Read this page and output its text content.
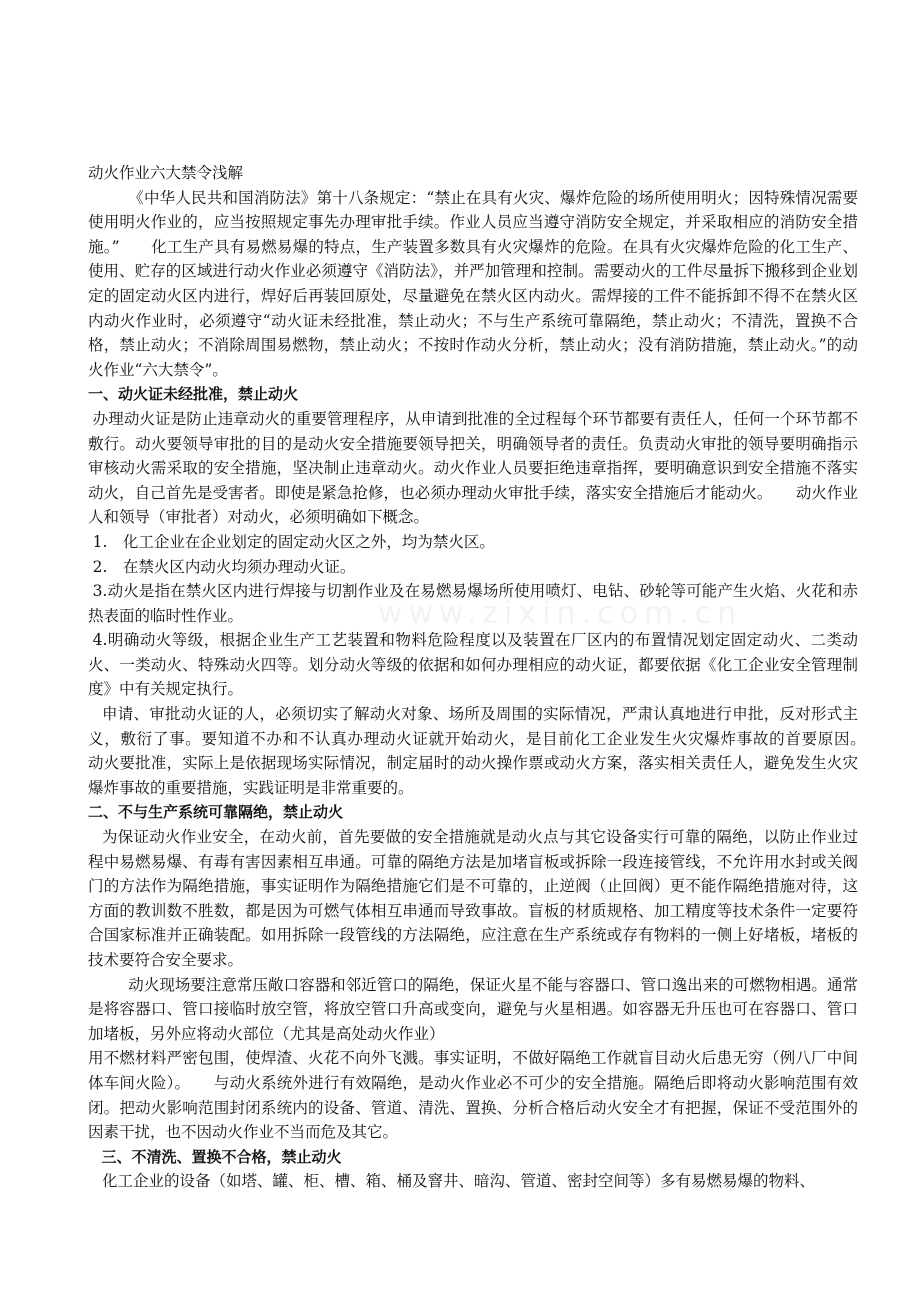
www.zixin.com.cn

动火作业六大禁令浅解

《中华人民共和国消防法》第十八条规定：“禁止在具有火灾、爆炸危险的场所使用明火；因特殊情况需要使用明火作业的，应当按照规定事先办理审批手续。作业人员应当遵守消防安全规定，并采取相应的消防安全措施。”　　化工生产具有易燃易爆的特点，生产装置多数具有火灾爆炸的危险。在具有火灾爆炸危险的化工生产、使用、贮存的区域进行动火作业必须遵守《消防法》，并严加管理和控制。需要动火的工件尽量拆下搬移到企业划定的固定动火区内进行，焊好后再装回原处，尽量避免在禁火区内动火。需焊接的工件不能拆卸不得不在禁火区内动火作业时，必须遵守“动火证未经批准，禁止动火；不与生产系统可靠隔绝，禁止动火；不清洗，置换不合格，禁止动火；不消除周围易燃物，禁止动火；不按时作动火分析，禁止动火；没有消防措施，禁止动火。”的动火作业“六大禁令”。

一、动火证未经批准，禁止动火

办理动火证是防止违章动火的重要管理程序，从申请到批准的全过程每个环节都要有责任人，任何一个环节都不敷行。动火要领导审批的目的是动火安全措施要领导把关，明确领导者的责任。负责动火审批的领导要明确指示审核动火需采取的安全措施，坚决制止违章动火。动火作业人员要拒绝违章指挥，要明确意识到安全措施不落实动火，自己首先是受害者。即使是紧急抢修，也必须办理动火审批手续，落实安全措施后才能动火。　　动火作业人和领导（审批者）对动火，必须明确如下概念。

1.　化工企业在企业划定的固定动火区之外，均为禁火区。

2.　在禁火区内动火均须办理动火证。

3.动火是指在禁火区内进行焊接与切割作业及在易燃易爆场所使用喷灯、电钻、砂轮等可能产生火焰、火花和赤热表面的临时性作业。

4.明确动火等级，根据企业生产工艺装置和物料危险程度以及装置在厂区内的布置情况划定固定动火、二类动火、一类动火、特殊动火四等。划分动火等级的依据和如何办理相应的动火证，都要依据《化工企业安全管理制度》中有关规定执行。

申请、审批动火证的人，必须切实了解动火对象、场所及周围的实际情况，严肃认真地进行申批，反对形式主义，敷衍了事。要知道不办和不认真办理动火证就开始动火，是目前化工企业发生火灾爆炸事故的首要原因。　　动火要批准，实际上是依据现场实际情况，制定届时的动火操作票或动火方案，落实相关责任人，避免发生火灾爆炸事故的重要措施，实践证明是非常重要的。

二、不与生产系统可靠隔绝，禁止动火

为保证动火作业安全，在动火前，首先要做的安全措施就是动火点与其它设备实行可靠的隔绝，以防止作业过程中易燃易爆、有毒有害因素相互串通。可靠的隔绝方法是加堵盲板或拆除一段连接管线，不允许用水封或关阀门的方法作为隔绝措施，事实证明作为隔绝措施它们是不可靠的，止逆阀（止回阀）更不能作隔绝措施对待，这方面的教训数不胜数，都是因为可燃气体相互串通而导致事故。盲板的材质规格、加工精度等技术条件一定要符合国家标准并正确装配。如用拆除一段管线的方法隔绝，应注意在生产系统或存有物料的一侧上好堵板，堵板的技术要符合安全要求。

动火现场要注意常压敞口容器和邻近管口的隔绝，保证火星不能与容器口、管口逸出来的可燃物相遇。通常是将容器口、管口接临时放空管，将放空管口升高或变向，避免与火星相遇。如容器无升压也可在容器口、管口加堵板，另外应将动火部位（尤其是高处动火作业）

用不燃材料严密包围，使焊渣、火花不向外飞溅。事实证明，不做好隔绝工作就盲目动火后患无穷（例八厂中间体车间火险）。　　与动火系统外进行有效隔绝，是动火作业必不可少的安全措施。隔绝后即将动火影响范围有效闭。把动火影响范围封闭系统内的设备、管道、清洗、置换、分析合格后动火安全才有把握，保证不受范围外的因素干扰，也不因动火作业不当而危及其它。

三、不清洗、置换不合格，禁止动火

化工企业的设备（如塔、罐、柜、槽、箱、桶及窨井、暗沟、管道、密封空间等）多有易燃易爆的物料、
